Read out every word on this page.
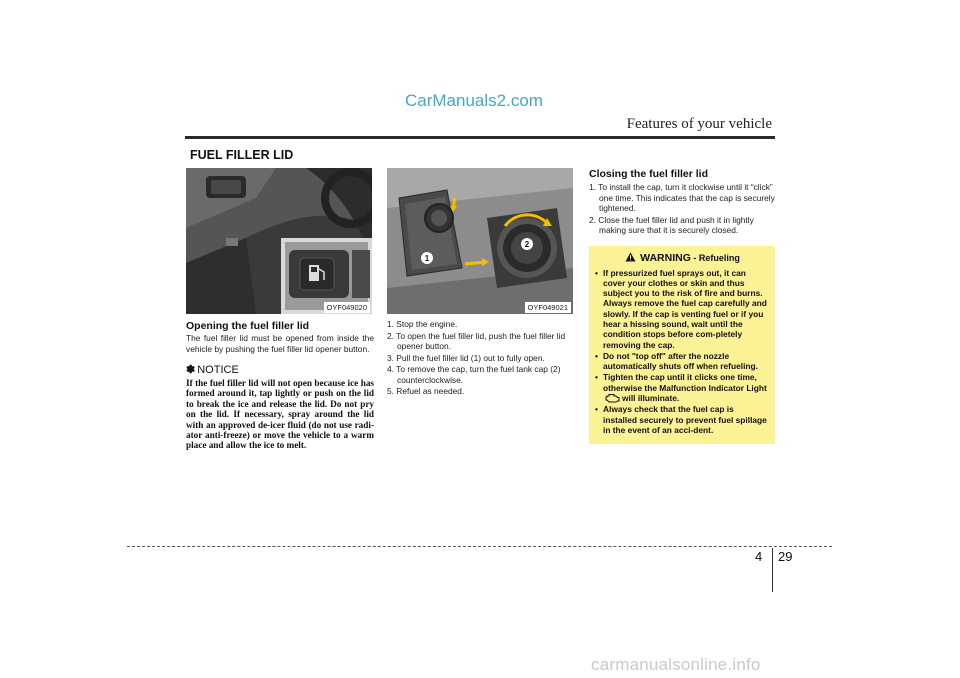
CarManuals2.com
Features of your vehicle
FUEL FILLER LID
OYF049020
Opening the fuel filler lid

The fuel filler lid must be opened from inside the vehicle by pushing the fuel filler lid opener button.

✽ NOTICE

If the fuel filler lid will not open because ice has formed around it, tap lightly or push on the lid to break the ice and release the lid. Do not pry on the lid. If necessary, spray around the lid with an approved de-icer fluid (do not use radi-ator anti-freeze) or move the vehicle to a warm place and allow the ice to melt.

1
2
OYF049021
1. Stop the engine.
2. To open the fuel filler lid, push the fuel filler lid opener button.
3. Pull the fuel filler lid (1) out to fully open.
4. To remove the cap, turn the fuel tank cap (2) counterclockwise.
5. Refuel as needed.
Closing the fuel filler lid
1. To install the cap, turn it clockwise until it “click” one time. This indicates that the cap is securely tightened.
2. Close the fuel filler lid and push it in lightly making sure that it is securely closed.
WARNING - Refueling
• If pressurized fuel sprays out, it can cover your clothes or skin and thus subject you to the risk of fire and burns. Always remove the fuel cap carefully and slowly. If the cap is venting fuel or if you hear a hissing sound, wait until the condition stops before com-pletely removing the cap.
• Do not "top off" after the nozzle automatically shuts off when refueling.
• Tighten the cap until it clicks one time, otherwise the Malfunction Indicator Lightwill illuminate.
• Always check that the fuel cap is installed securely to prevent fuel spillage in the event of an acci-dent.
4 29
carmanualsonline.info
